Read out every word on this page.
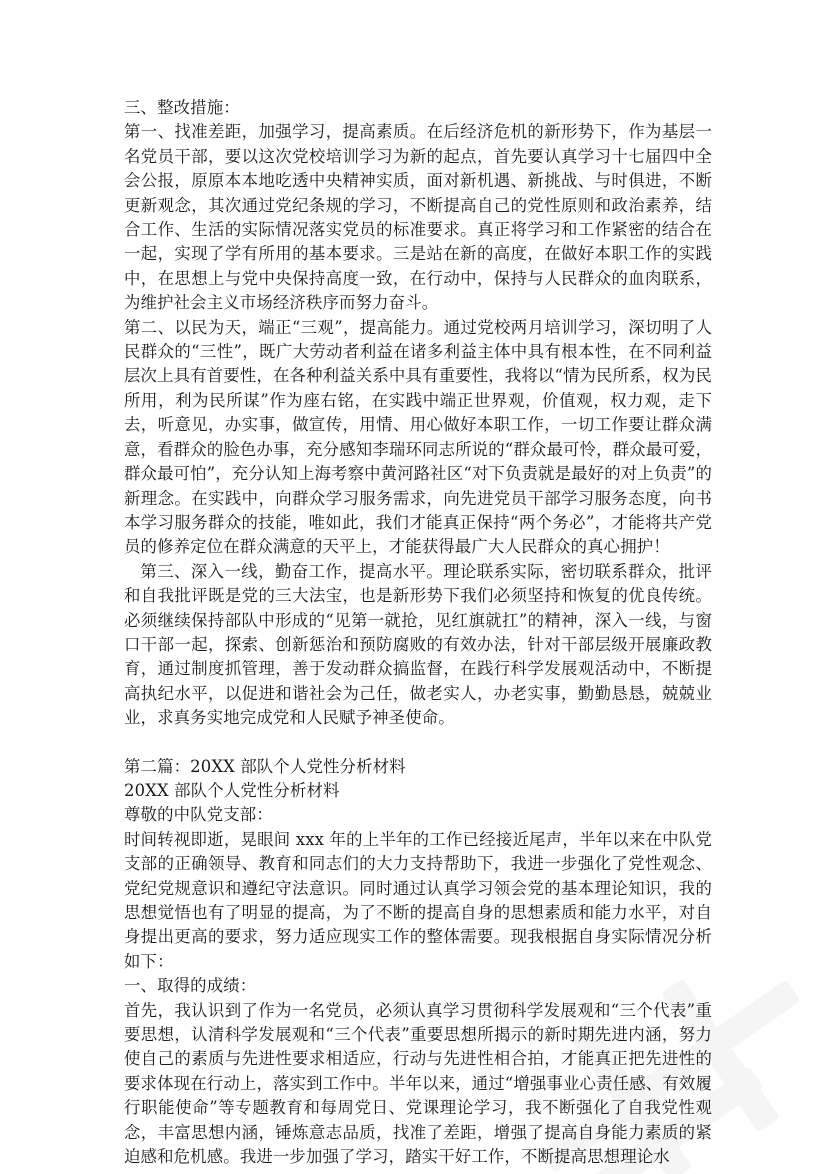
三、整改措施：

第一、找准差距，加强学习，提高素质。在后经济危机的新形势下，作为基层一名党员干部，要以这次党校培训学习为新的起点，首先要认真学习十七届四中全会公报，原原本本地吃透中央精神实质，面对新机遇、新挑战、与时俱进，不断更新观念，其次通过党纪条规的学习，不断提高自己的党性原则和政治素养，结合工作、生活的实际情况落实党员的标准要求。真正将学习和工作紧密的结合在一起，实现了学有所用的基本要求。三是站在新的高度，在做好本职工作的实践中，在思想上与党中央保持高度一致，在行动中，保持与人民群众的血肉联系，为维护社会主义市场经济秩序而努力奋斗。

第二、以民为天，端正“三观”，提高能力。通过党校两月培训学习，深切明了人民群众的“三性”，既广大劳动者利益在诸多利益主体中具有根本性，在不同利益层次上具有首要性，在各种利益关系中具有重要性，我将以“情为民所系，权为民所用，利为民所谋”作为座右铭，在实践中端正世界观，价值观，权力观，走下去，听意见，办实事，做宣传，用情、用心做好本职工作，一切工作要让群众满意，看群众的脸色办事，充分感知李瑞环同志所说的“群众最可怜，群众最可爱，群众最可怕”，充分认知上海考察中黄河路社区“对下负责就是最好的对上负责”的新理念。在实践中，向群众学习服务需求，向先进党员干部学习服务态度，向书本学习服务群众的技能，唯如此，我们才能真正保持“两个务必”，才能将共产党员的修养定位在群众满意的天平上，才能获得最广大人民群众的真心拥护！

第三、深入一线，勤奋工作，提高水平。理论联系实际，密切联系群众，批评和自我批评既是党的三大法宝，也是新形势下我们必须坚持和恢复的优良传统。必须继续保持部队中形成的“见第一就抢，见红旗就扛”的精神，深入一线，与窗口干部一起，探索、创新惩治和预防腐败的有效办法，针对干部层级开展廉政教育，通过制度抓管理，善于发动群众搞监督，在践行科学发展观活动中，不断提高执纪水平，以促进和谐社会为己任，做老实人，办老实事，勤勤恳恳，兢兢业业，求真务实地完成党和人民赋予神圣使命。

第二篇：20XX 部队个人党性分析材料

20XX 部队个人党性分析材料

尊敬的中队党支部：

时间转视即逝，晃眼间 xxx 年的上半年的工作已经接近尾声，半年以来在中队党支部的正确领导、教育和同志们的大力支持帮助下，我进一步强化了党性观念、党纪党规意识和遵纪守法意识。同时通过认真学习领会党的基本理论知识，我的思想觉悟也有了明显的提高，为了不断的提高自身的思想素质和能力水平，对自身提出更高的要求，努力适应现实工作的整体需要。现我根据自身实际情况分析如下：

一、取得的成绩：

首先，我认识到了作为一名党员，必须认真学习贯彻科学发展观和“三个代表”重要思想，认清科学发展观和“三个代表”重要思想所揭示的新时期先进内涵，努力使自己的素质与先进性要求相适应，行动与先进性相合拍，才能真正把先进性的要求体现在行动上，落实到工作中。半年以来，通过“增强事业心责任感、有效履行职能使命”等专题教育和每周党日、党课理论学习，我不断强化了自我党性观念，丰富思想内涵，锤炼意志品质，找准了差距，增强了提高自身能力素质的紧迫感和危机感。我进一步加强了学习，踏实干好工作，不断提高思想理论水
